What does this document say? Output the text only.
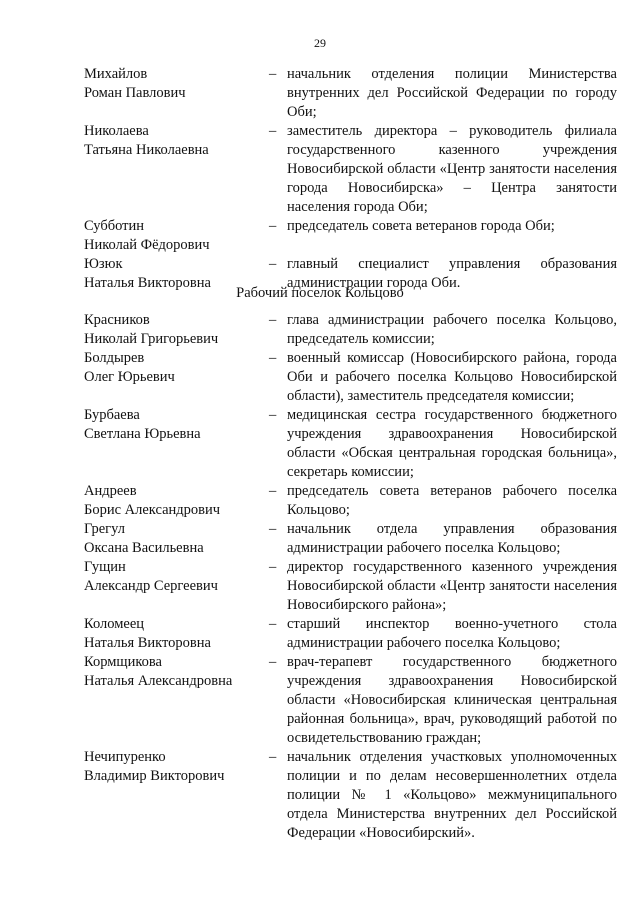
29
Михайлов
Роман Павлович
– начальник отделения полиции Министерства внутренних дел Российской Федерации по городу Оби;
Николаева
Татьяна Николаевна
– заместитель директора – руководитель филиала государственного казенного учреждения Новосибирской области «Центр занятости населения города Новосибирска» – Центра занятости населения города Оби;
Субботин
Николай Фёдорович
– председатель совета ветеранов города Оби;
Юзюк
Наталья Викторовна
– главный специалист управления образования администрации города Оби.
Рабочий поселок Кольцово
Красников
Николай Григорьевич
– глава администрации рабочего поселка Кольцово, председатель комиссии;
Болдырев
Олег Юрьевич
– военный комиссар (Новосибирского района, города Оби и рабочего поселка Кольцово Новосибирской области), заместитель председателя комиссии;
Бурбаева
Светлана Юрьевна
– медицинская сестра государственного бюджетного учреждения здравоохранения Новосибирской области «Обская центральная городская больница», секретарь комиссии;
Андреев
Борис Александрович
– председатель совета ветеранов рабочего поселка Кольцово;
Грегул
Оксана Васильевна
– начальник отдела управления образования администрации рабочего поселка Кольцово;
Гущин
Александр Сергеевич
– директор государственного казенного учреждения Новосибирской области «Центр занятости населения Новосибирского района»;
Коломеец
Наталья Викторовна
– старший инспектор военно-учетного стола администрации рабочего поселка Кольцово;
Кормщикова
Наталья Александровна
– врач-терапевт государственного бюджетного учреждения здравоохранения Новосибирской области «Новосибирская клиническая центральная районная больница», врач, руководящий работой по освидетельствованию граждан;
Нечипуренко
Владимир Викторович
– начальник отделения участковых уполномоченных полиции и по делам несовершеннолетних отдела полиции № 1 «Кольцово» межмуниципального отдела Министерства внутренних дел Российской Федерации «Новосибирский».
